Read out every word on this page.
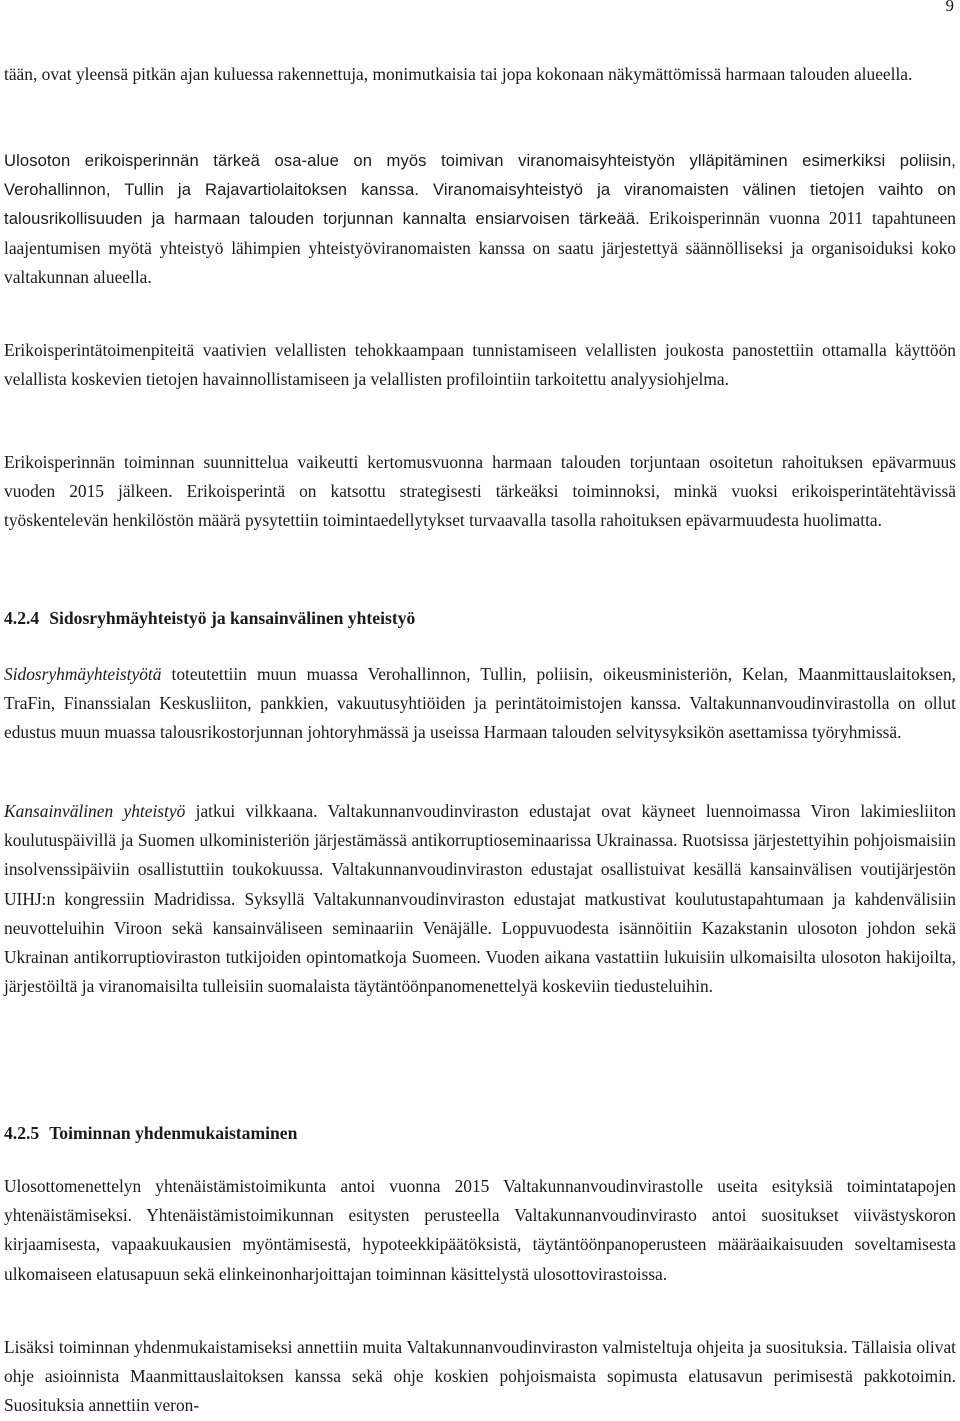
9

tään, ovat yleensä pitkän ajan kuluessa rakennettuja, monimutkaisia tai jopa kokonaan näkymättömissä harmaan talouden alueella.

Ulosoton erikoisperinnän tärkeä osa-alue on myös toimivan viranomaisyhteistyön ylläpitäminen esimerkiksi poliisin, Verohallinnon, Tullin ja Rajavartiolaitoksen kanssa. Viranomaisyhteistyö ja viranomaisten välinen tietojen vaihto on talousrikollisuuden ja harmaan talouden torjunnan kannalta ensiarvoisen tärkeää. Erikoisperinnän vuonna 2011 tapahtuneen laajentumisen myötä yhteistyö lähimpien yhteistyöviranomaisten kanssa on saatu järjestettyä säännölliseksi ja organisoiduksi koko valtakunnan alueella.

Erikoisperintätoimenpiteitä vaativien velallisten tehokkaampaan tunnistamiseen velallisten joukosta panostettiin ottamalla käyttöön velallista koskevien tietojen havainnollistamiseen ja velallisten profilointiin tarkoitettu analyysiohjelma.

Erikoisperinnän toiminnan suunnittelua vaikeutti kertomusvuonna harmaan talouden torjuntaan osoitetun rahoituksen epävarmuus vuoden 2015 jälkeen. Erikoisperintä on katsottu strategisesti tärkeäksi toiminnoksi, minkä vuoksi erikoisperintätehtävissä työskentelevän henkilöstön määrä pysytettiin toimintaedellytykset turvaavalla tasolla rahoituksen epävarmuudesta huolimatta.

4.2.4 Sidosryhmäyhteistyö ja kansainvälinen yhteistyö

Sidosryhmäyhteistyötä toteutettiin muun muassa Verohallinnon, Tullin, poliisin, oikeusministeriön, Kelan, Maanmittauslaitoksen, TraFin, Finanssialan Keskusliiton, pankkien, vakuutusyhtiöiden ja perintätoimistojen kanssa. Valtakunnanvoudinvirastolla on ollut edustus muun muassa talousrikostorjunnan johtoryhmässä ja useissa Harmaan talouden selvitysyksikön asettamissa työryhmissä.

Kansainvälinen yhteistyö jatkui vilkkaana. Valtakunnanvoudinviraston edustajat ovat käyneet luennoimassa Viron lakimiesliiton koulutuspäivillä ja Suomen ulkoministeriön järjestämässä antikorruptioseminaarissa Ukrainassa. Ruotsissa järjestettyihin pohjoismaisiin insolvenssipäiviin osallistuttiin toukokuussa. Valtakunnanvoudinviraston edustajat osallistuivat kesällä kansainvälisen voutijärjestön UIHJ:n kongressiin Madridissa. Syksyllä Valtakunnanvoudinviraston edustajat matkustivat koulutustapahtumaan ja kahdenvälisiin neuvotteluihin Viroon sekä kansainväliseen seminaariin Venäjälle. Loppuvuodesta isännöitiin Kazakstanin ulosoton johdon sekä Ukrainan antikorruptioviraston tutkijoiden opintomatkoja Suomeen. Vuoden aikana vastattiin lukuisiin ulkomaisilta ulosoton hakijoilta, järjestöiltä ja viranomaisilta tulleisiin suomalaista täytäntöönpanomenettelyä koskeviin tiedusteluihin.

4.2.5 Toiminnan yhdenmukaistaminen

Ulosottomenettelyn yhtenäistämistoimikunta antoi vuonna 2015 Valtakunnanvoudinvirastolle useita esityksiä toimintatapojen yhtenäistämiseksi. Yhtenäistämistoimikunnan esitysten perusteella Valtakunnanvoudinvirasto antoi suositukset viivästyskoron kirjaamisesta, vapaakuukausien myöntämisestä, hypoteekkipäätöksistä, täytäntöönpanoperusteen määräaikaisuuden soveltamisesta ulkomaiseen elatusapuun sekä elinkeinonharjoittajan toiminnan käsittelystä ulosottovirastoissa.

Lisäksi toiminnan yhdenmukaistamiseksi annettiin muita Valtakunnanvoudinviraston valmisteltuja ohjeita ja suosituksia. Tällaisia olivat ohje asioinnista Maanmittauslaitoksen kanssa sekä ohje koskien pohjoismaista sopimusta elatusavun perimisestä pakkotoimin. Suosituksia annettiin veron-
